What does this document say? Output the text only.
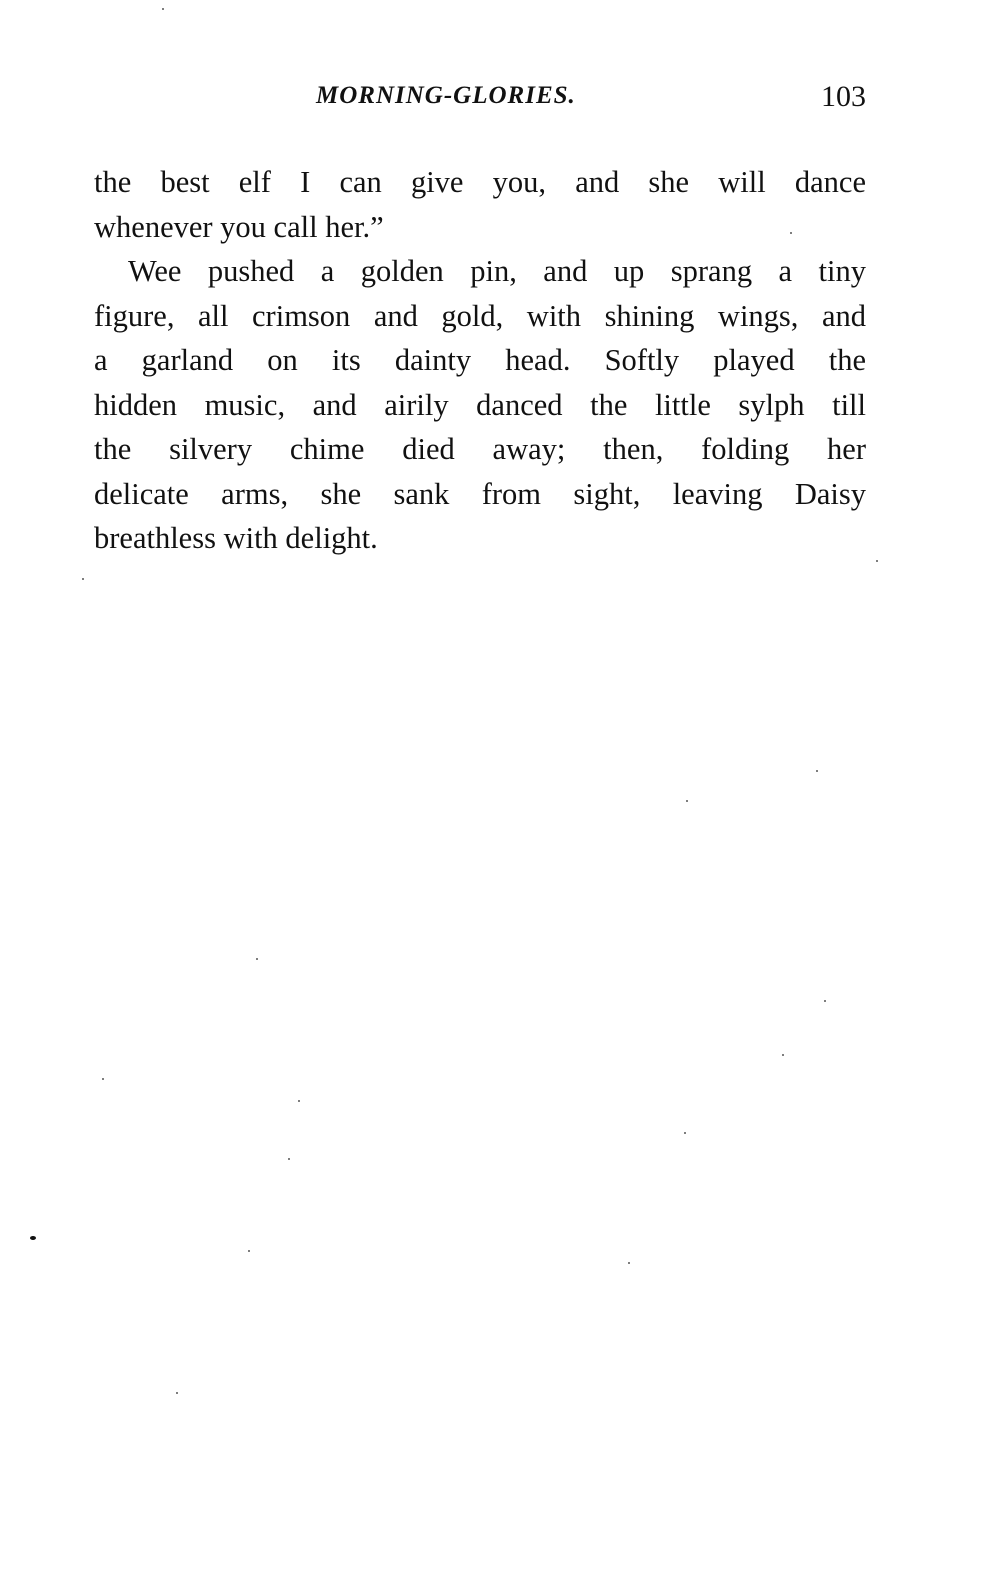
MORNING-GLORIES.	103
the best elf I can give you, and she will dance
whenever you call her.”
Wee pushed a golden pin, and up sprang a tiny
figure, all crimson and gold, with shining wings, and
a garland on its dainty head. Softly played the
hidden music, and airily danced the little sylph till
the silvery chime died away; then, folding her
delicate arms, she sank from sight, leaving Daisy
breathless with delight.
